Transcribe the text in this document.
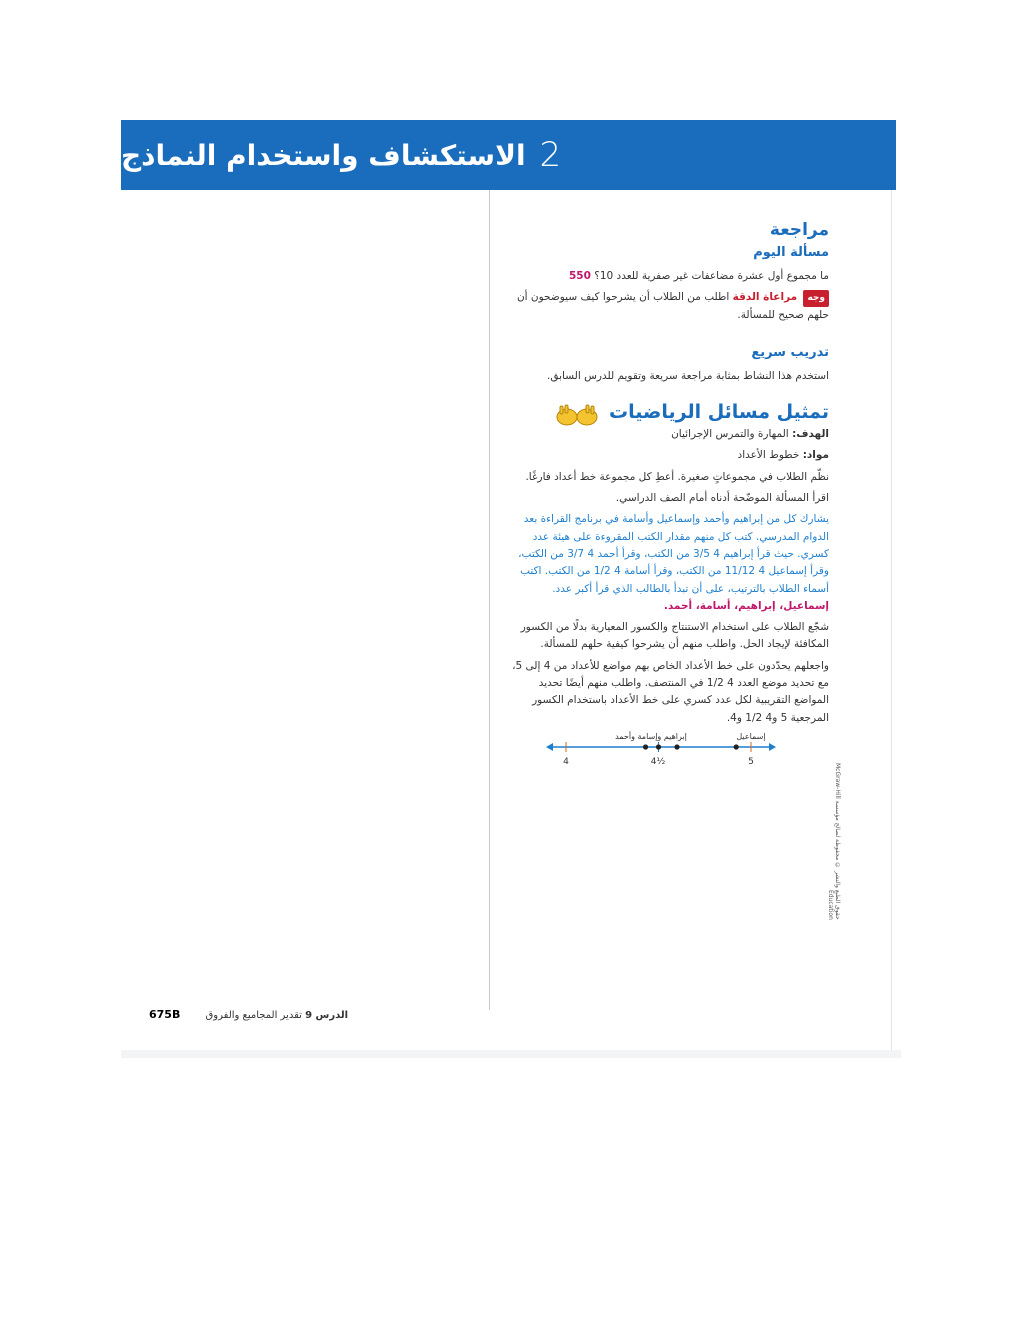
2
الاستكشاف واستخدام النماذج
مراجعة
مسألة اليوم

ما مجموع أول عشرة مضاعفات غير صفرية للعدد 10؟ 550

وجه مراعاة الدقة اطلب من الطلاب أن يشرحوا كيف سيوضحون أن حلهم صحيح للمسألة.

تدريب سريع

استخدم هذا النشاط بمثابة مراجعة سريعة وتقويم للدرس السابق.

تمثيل مسائل الرياضيات

الهدف: المهارة والتمرس الإجرائيان

مواد: خطوط الأعداد

نظّم الطلاب في مجموعاتٍ صغيرة. أعطِ كل مجموعة خط أعداد فارغًا.

اقرأ المسألة الموضّحة أدناه أمام الصف الدراسي.

يشارك كل من إبراهيم وأحمد وإسماعيل وأسامة في برنامج القراءة بعد الدوام المدرسي. كتب كل منهم مقدار الكتب المقروءة على هيئة عدد كسري. حيث قرأ إبراهيم 4 3/5 من الكتب، وقرأ أحمد 4 3/7 من الكتب، وقرأ إسماعيل 4 11/12 من الكتب، وقرأ أسامة 4 1/2 من الكتب. اكتب أسماء الطلاب بالترتيب، على أن تبدأ بالطالب الذي قرأ أكبر عدد. إسماعيل، إبراهيم، أسامة، أحمد.

شجّع الطلاب على استخدام الاستنتاج والكسور المعيارية بدلًا من الكسور المكافئة لإيجاد الحل. واطلب منهم أن يشرحوا كيفية حلهم للمسألة.

واجعلهم يحدّدون على خط الأعداد الخاص بهم مواضع للأعداد من 4 إلى 5، مع تحديد موضع العدد 4 1/2 في المنتصف. واطلب منهم أيضًا تحديد المواضع التقريبية لكل عدد كسري على خط الأعداد باستخدام الكسور المرجعية 5 و4 1/2 و4.

إبراهيم وإسامة وأحمد	إسماعيل
4	4½	5
حقوق الطبع والنشر © محفوظة لصالح مؤسسة McGraw-Hill Education
الدرس 9 تقدير المجاميع والفروق 675B
